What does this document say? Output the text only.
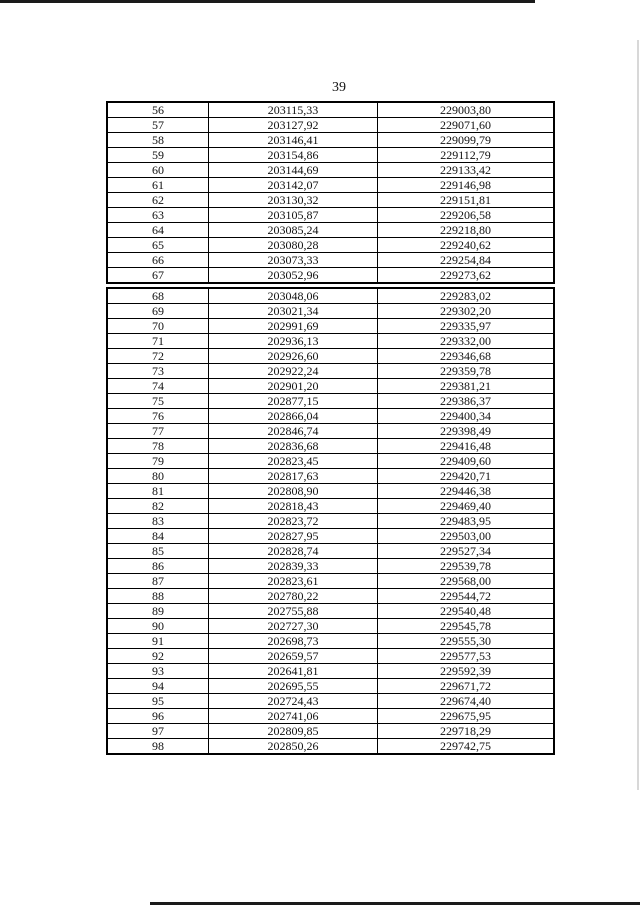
39
56	203115,33	229003,80
57	203127,92	229071,60
58	203146,41	229099,79
59	203154,86	229112,79
60	203144,69	229133,42
61	203142,07	229146,98
62	203130,32	229151,81
63	203105,87	229206,58
64	203085,24	229218,80
65	203080,28	229240,62
66	203073,33	229254,84
67	203052,96	229273,62
68	203048,06	229283,02
69	203021,34	229302,20
70	202991,69	229335,97
71	202936,13	229332,00
72	202926,60	229346,68
73	202922,24	229359,78
74	202901,20	229381,21
75	202877,15	229386,37
76	202866,04	229400,34
77	202846,74	229398,49
78	202836,68	229416,48
79	202823,45	229409,60
80	202817,63	229420,71
81	202808,90	229446,38
82	202818,43	229469,40
83	202823,72	229483,95
84	202827,95	229503,00
85	202828,74	229527,34
86	202839,33	229539,78
87	202823,61	229568,00
88	202780,22	229544,72
89	202755,88	229540,48
90	202727,30	229545,78
91	202698,73	229555,30
92	202659,57	229577,53
93	202641,81	229592,39
94	202695,55	229671,72
95	202724,43	229674,40
96	202741,06	229675,95
97	202809,85	229718,29
98	202850,26	229742,75
